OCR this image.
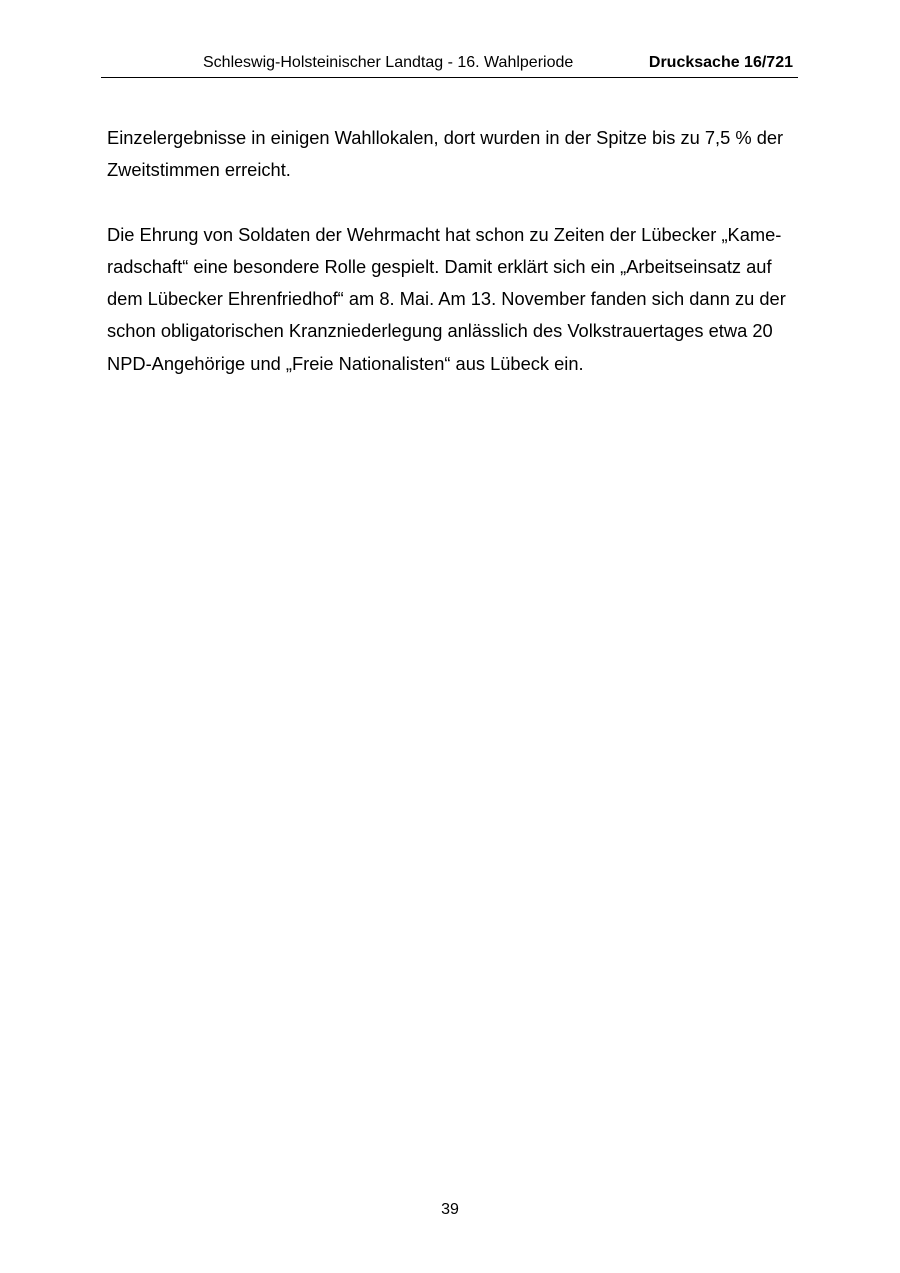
Schleswig-Holsteinischer Landtag - 16. Wahlperiode	Drucksache 16/721

Einzelergebnisse in einigen Wahllokalen, dort wurden in der Spitze bis zu 7,5 % der
Zweitstimmen erreicht.

Die Ehrung von Soldaten der Wehrmacht hat schon zu Zeiten der Lübecker „Kame-
radschaft“ eine besondere Rolle gespielt. Damit erklärt sich ein „Arbeitseinsatz auf
dem Lübecker Ehrenfriedhof“ am 8. Mai. Am 13. November fanden sich dann zu der
schon obligatorischen Kranzniederlegung anlässlich des Volkstrauertages etwa 20
NPD-Angehörige und „Freie Nationalisten“ aus Lübeck ein.

39
